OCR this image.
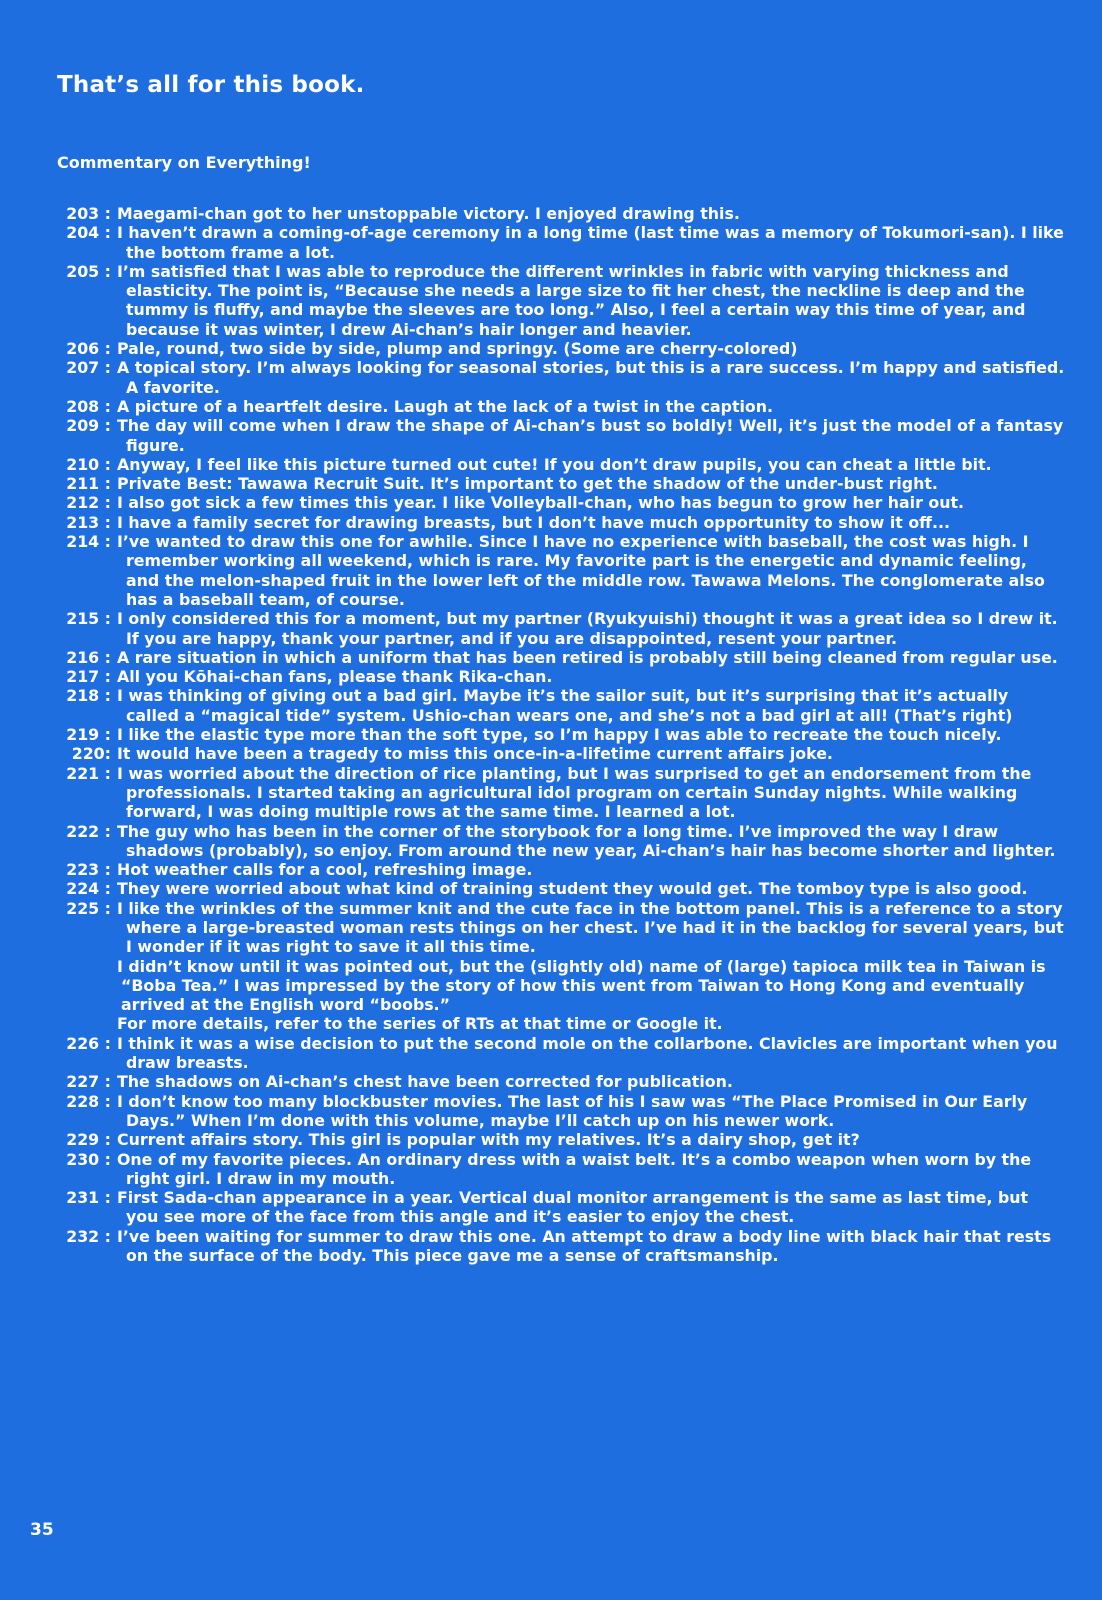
That’s all for this book.
Commentary on Everything!
203 : Maegami-chan got to her unstoppable victory. I enjoyed drawing this.
204 : I haven’t drawn a coming-of-age ceremony in a long time (last time was a memory of Tokumori-san). I like the bottom frame a lot.
205 : I’m satisfied that I was able to reproduce the different wrinkles in fabric with varying thickness and elasticity. The point is, “Because she needs a large size to fit her chest, the neckline is deep and the tummy is fluffy, and maybe the sleeves are too long.” Also, I feel a certain way this time of year, and because it was winter, I drew Ai-chan’s hair longer and heavier.
206 : Pale, round, two side by side, plump and springy. (Some are cherry-colored)
207 : A topical story. I’m always looking for seasonal stories, but this is a rare success. I’m happy and satisfied. A favorite.
208 : A picture of a heartfelt desire. Laugh at the lack of a twist in the caption.
209 : The day will come when I draw the shape of Ai-chan’s bust so boldly! Well, it’s just the model of a fantasy figure.
210 : Anyway, I feel like this picture turned out cute! If you don’t draw pupils, you can cheat a little bit.
211 : Private Best: Tawawa Recruit Suit. It’s important to get the shadow of the under-bust right.
212 : I also got sick a few times this year. I like Volleyball-chan, who has begun to grow her hair out.
213 : I have a family secret for drawing breasts, but I don’t have much opportunity to show it off...
214 : I’ve wanted to draw this one for awhile. Since I have no experience with baseball, the cost was high. I remember working all weekend, which is rare. My favorite part is the energetic and dynamic feeling, and the melon-shaped fruit in the lower left of the middle row. Tawawa Melons. The conglomerate also has a baseball team, of course.
215 : I only considered this for a moment, but my partner (Ryukyuishi) thought it was a great idea so I drew it. If you are happy, thank your partner, and if you are disappointed, resent your partner.
216 : A rare situation in which a uniform that has been retired is probably still being cleaned from regular use.
217 : All you Kōhai-chan fans, please thank Rika-chan.
218 : I was thinking of giving out a bad girl. Maybe it’s the sailor suit, but it’s surprising that it’s actually called a “magical tide” system. Ushio-chan wears one, and she’s not a bad girl at all! (That’s right)
219 : I like the elastic type more than the soft type, so I’m happy I was able to recreate the touch nicely.
220: It would have been a tragedy to miss this once-in-a-lifetime current affairs joke.
221 : I was worried about the direction of rice planting, but I was surprised to get an endorsement from the professionals. I started taking an agricultural idol program on certain Sunday nights. While walking forward, I was doing multiple rows at the same time. I learned a lot.
222 : The guy who has been in the corner of the storybook for a long time. I’ve improved the way I draw shadows (probably), so enjoy. From around the new year, Ai-chan’s hair has become shorter and lighter.
223 : Hot weather calls for a cool, refreshing image.
224 : They were worried about what kind of training student they would get. The tomboy type is also good.
225 : I like the wrinkles of the summer knit and the cute face in the bottom panel. This is a reference to a story where a large-breasted woman rests things on her chest. I’ve had it in the backlog for several years, but I wonder if it was right to save it all this time.
I didn’t know until it was pointed out, but the (slightly old) name of (large) tapioca milk tea in Taiwan is “Boba Tea.” I was impressed by the story of how this went from Taiwan to Hong Kong and eventually arrived at the English word “boobs.”
For more details, refer to the series of RTs at that time or Google it.
226 : I think it was a wise decision to put the second mole on the collarbone. Clavicles are important when you draw breasts.
227 : The shadows on Ai-chan’s chest have been corrected for publication.
228 : I don’t know too many blockbuster movies. The last of his I saw was “The Place Promised in Our Early Days.” When I’m done with this volume, maybe I’ll catch up on his newer work.
229 : Current affairs story. This girl is popular with my relatives. It’s a dairy shop, get it?
230 : One of my favorite pieces. An ordinary dress with a waist belt. It’s a combo weapon when worn by the right girl. I draw in my mouth.
231 : First Sada-chan appearance in a year. Vertical dual monitor arrangement is the same as last time, but you see more of the face from this angle and it’s easier to enjoy the chest.
232 : I’ve been waiting for summer to draw this one. An attempt to draw a body line with black hair that rests on the surface of the body. This piece gave me a sense of craftsmanship.
35
